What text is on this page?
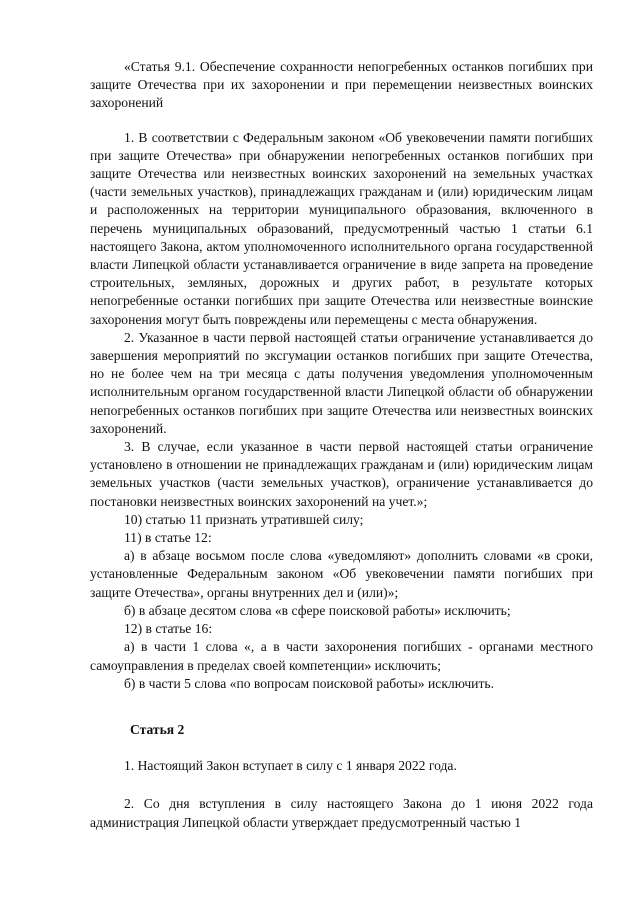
«Статья 9.1. Обеспечение сохранности непогребенных останков погибших при защите Отечества при их захоронении и при перемещении неизвестных воинских захоронений

1. В соответствии с Федеральным законом «Об увековечении памяти погибших при защите Отечества» при обнаружении непогребенных останков погибших при защите Отечества или неизвестных воинских захоронений на земельных участках (части земельных участков), принадлежащих гражданам и (или) юридическим лицам и расположенных на территории муниципального образования, включенного в перечень муниципальных образований, предусмотренный частью 1 статьи 6.1 настоящего Закона, актом уполномоченного исполнительного органа государственной власти Липецкой области устанавливается ограничение в виде запрета на проведение строительных, земляных, дорожных и других работ, в результате которых непогребенные останки погибших при защите Отечества или неизвестные воинские захоронения могут быть повреждены или перемещены с места обнаружения.

2. Указанное в части первой настоящей статьи ограничение устанавливается до завершения мероприятий по эксгумации останков погибших при защите Отечества, но не более чем на три месяца с даты получения уведомления уполномоченным исполнительным органом государственной власти Липецкой области об обнаружении непогребенных останков погибших при защите Отечества или неизвестных воинских захоронений.

3. В случае, если указанное в части первой настоящей статьи ограничение установлено в отношении не принадлежащих гражданам и (или) юридическим лицам земельных участков (части земельных участков), ограничение устанавливается до постановки неизвестных воинских захоронений на учет.»;

10) статью 11 признать утратившей силу;

11) в статье 12:

а) в абзаце восьмом после слова «уведомляют» дополнить словами «в сроки, установленные Федеральным законом «Об увековечении памяти погибших при защите Отечества», органы внутренних дел и (или)»;

б) в абзаце десятом слова «в сфере поисковой работы» исключить;

12) в статье 16:

а) в части 1 слова «, а в части захоронения погибших - органами местного самоуправления в пределах своей компетенции» исключить;

б) в части 5 слова «по вопросам поисковой работы» исключить.

Статья 2

1. Настоящий Закон вступает в силу с 1 января 2022 года.

2. Со дня вступления в силу настоящего Закона до 1 июня 2022 года администрация Липецкой области утверждает предусмотренный частью 1
